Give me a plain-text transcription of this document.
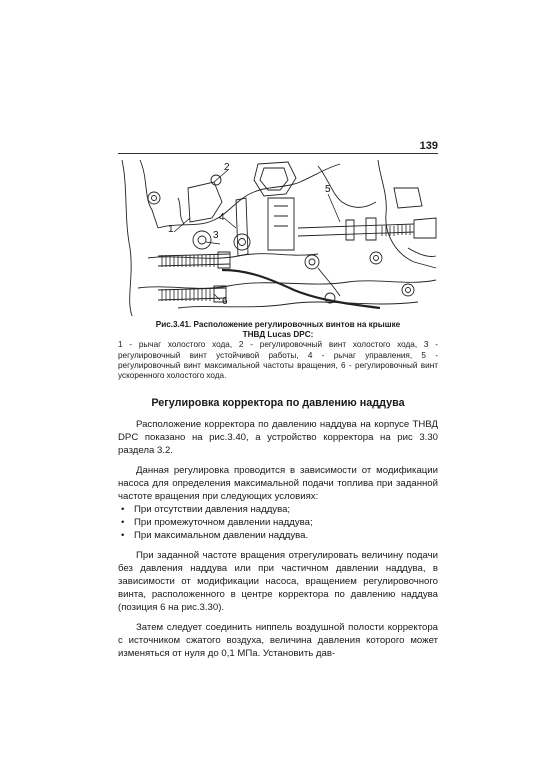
139
1
2
3
4
5
6
Рис.3.41. Расположение регулировочных винтов на крышке
ТНВД Lucas DPC:
1 - рычаг холостого хода, 2 - регулировочный винт холостого хода, 3 - регулировочный винт устойчивой работы, 4 - рычаг управления, 5 - регулировочный винт максимальной частоты вращения, 6 - регулировочный винт ускоренного холостого хода.
Регулировка корректора по давлению наддува

Расположение корректора по давлению наддува на корпусе ТНВД DPC показано на рис.3.40, а устройство корректора на рис 3.30 раздела 3.2.

Данная регулировка проводится в зависимости от модификации насоса для определения максимальной подачи топлива при заданной частоте вращения при следующих условиях:

• При отсутствии давления наддува;
• При промежуточном давлении наддува;
• При максимальном давлении наддува.

При заданной частоте вращения отрегулировать величину подачи без давления наддува или при частичном давлении наддува, в зависимости от модификации насоса, вращением регулировочного винта, расположенного в центре корректора по давлению наддува (позиция 6 на рис.3.30).

Затем следует соединить ниппель воздушной полости корректора с источником сжатого воздуха, величина давления которого может изменяться от нуля до 0,1 МПа. Установить дав-
